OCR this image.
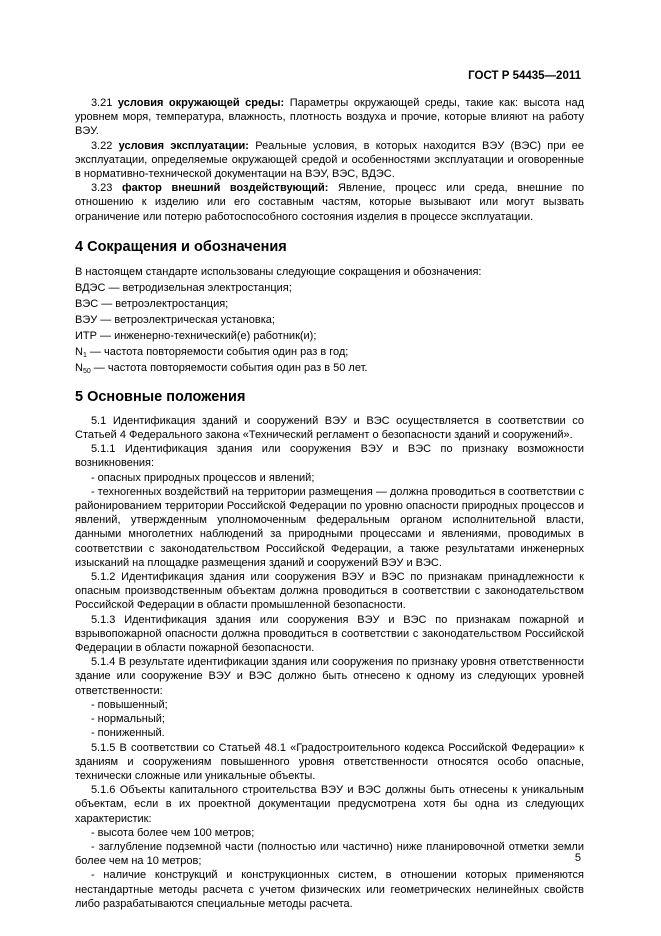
ГОСТ Р 54435—2011

3.21 условия окружающей среды: Параметры окружающей среды, такие как: высота над уровнем моря, температура, влажность, плотность воздуха и прочие, которые влияют на работу ВЭУ.

3.22 условия эксплуатации: Реальные условия, в которых находится ВЭУ (ВЭС) при ее эксплуатации, определяемые окружающей средой и особенностями эксплуатации и оговоренные в нормативно-технической документации на ВЭУ, ВЭС, ВДЭС.

3.23 фактор внешний воздействующий: Явление, процесс или среда, внешние по отношению к изделию или его составным частям, которые вызывают или могут вызвать ограничение или потерю работоспособного состояния изделия в процессе эксплуатации.

4 Сокращения и обозначения

В настоящем стандарте использованы следующие сокращения и обозначения:

ВДЭС — ветродизельная электростанция;

ВЭС — ветроэлектростанция;

ВЭУ — ветроэлектрическая установка;

ИТР — инженерно-технический(е) работник(и);

$N_1$ — частота повторяемости события один раз в год;

$N_{50}$ — частота повторяемости события один раз в 50 лет.

5 Основные положения

5.1 Идентификация зданий и сооружений ВЭУ и ВЭС осуществляется в соответствии со Статьей 4 Федерального закона «Технический регламент о безопасности зданий и сооружений».

5.1.1 Идентификация здания или сооружения ВЭУ и ВЭС по признаку возможности возникновения:

- опасных природных процессов и явлений;

- техногенных воздействий на территории размещения — должна проводиться в соответствии с районированием территории Российской Федерации по уровню опасности природных процессов и явлений, утвержденным уполномоченным федеральным органом исполнительной власти, данными многолетних наблюдений за природными процессами и явлениями, проводимых в соответствии с законодательством Российской Федерации, а также результатами инженерных изысканий на площадке размещения зданий и сооружений ВЭУ и ВЭС.

5.1.2 Идентификация здания или сооружения ВЭУ и ВЭС по признакам принадлежности к опасным производственным объектам должна проводиться в соответствии с законодательством Российской Федерации в области промышленной безопасности.

5.1.3 Идентификация здания или сооружения ВЭУ и ВЭС по признакам пожарной и взрывопожарной опасности должна проводиться в соответствии с законодательством Российской Федерации в области пожарной безопасности.

5.1.4 В результате идентификации здания или сооружения по признаку уровня ответственности здание или сооружение ВЭУ и ВЭС должно быть отнесено к одному из следующих уровней ответственности:

- повышенный;

- нормальный;

- пониженный.

5.1.5 В соответствии со Статьей 48.1 «Градостроительного кодекса Российской Федерации» к зданиям и сооружениям повышенного уровня ответственности относятся особо опасные, технически сложные или уникальные объекты.

5.1.6 Объекты капитального строительства ВЭУ и ВЭС должны быть отнесены к уникальным объектам, если в их проектной документации предусмотрена хотя бы одна из следующих характеристик:

- высота более чем 100 метров;

- заглубление подземной части (полностью или частично) ниже планировочной отметки земли более чем на 10 метров;

- наличие конструкций и конструкционных систем, в отношении которых применяются нестандартные методы расчета с учетом физических или геометрических нелинейных свойств либо разрабатываются специальные методы расчета.

5
